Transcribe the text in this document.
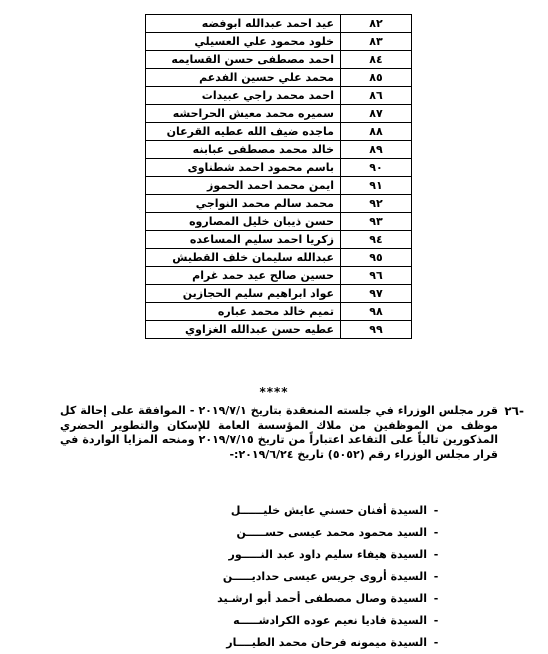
٨٢	عيد احمد عبدالله ابوفضه
٨٣	خلود محمود علي العسيلي
٨٤	احمد مصطفى حسن القسايمه
٨٥	محمد علي حسين الفدعم
٨٦	احمد محمد راجي عبيدات
٨٧	سميره محمد معيش الحراحشه
٨٨	ماجده ضيف الله عطيه القرعان
٨٩	خالد محمد مصطفى عبابنه
٩٠	باسم محمود احمد شطناوى
٩١	ايمن محمد احمد الحموز
٩٢	محمد سالم محمد النواجي
٩٣	حسن ذيبان خليل المصاروه
٩٤	زكريا احمد سليم المساعده
٩٥	عبدالله سليمان خلف القطيش
٩٦	حسين صالح عيد حمد غرام
٩٧	عواد ابراهيم سليم الحجازين
٩٨	تميم خالد محمد عباره
٩٩	عطيه حسن عبدالله الغزاوي
****
-٢٦
قرر مجلس الوزراء في جلسته المنعقدة بتاريخ ٢٠١٩/٧/١ - الموافقة على إحالة كل موظف من الموظفين من ملاك المؤسسة العامة للإسكان والتطوير الحضري المذكورين تالياً على التقاعد اعتباراً من تاريخ ٢٠١٩/٧/١٥ ومنحه المزايا الواردة في قرار مجلس الوزراء رقم (٥٠٥٢) تاريخ ٢٠١٩/٦/٢٤:-
-السيدة أفنان حسني عايش خليــــــل
-السيد محمود محمد عيسى حســـــن
-السيدة هيفاء سليم داود عبد النـــــور
-السيدة أروى جريس عيسى حداديـــــن
-السيدة وصال مصطفى أحمد أبو ارشـيد
-السيدة فاديا نعيم عوده الكرادشـــــه
-السيدة ميمونه فرحان محمد الطيــــار
